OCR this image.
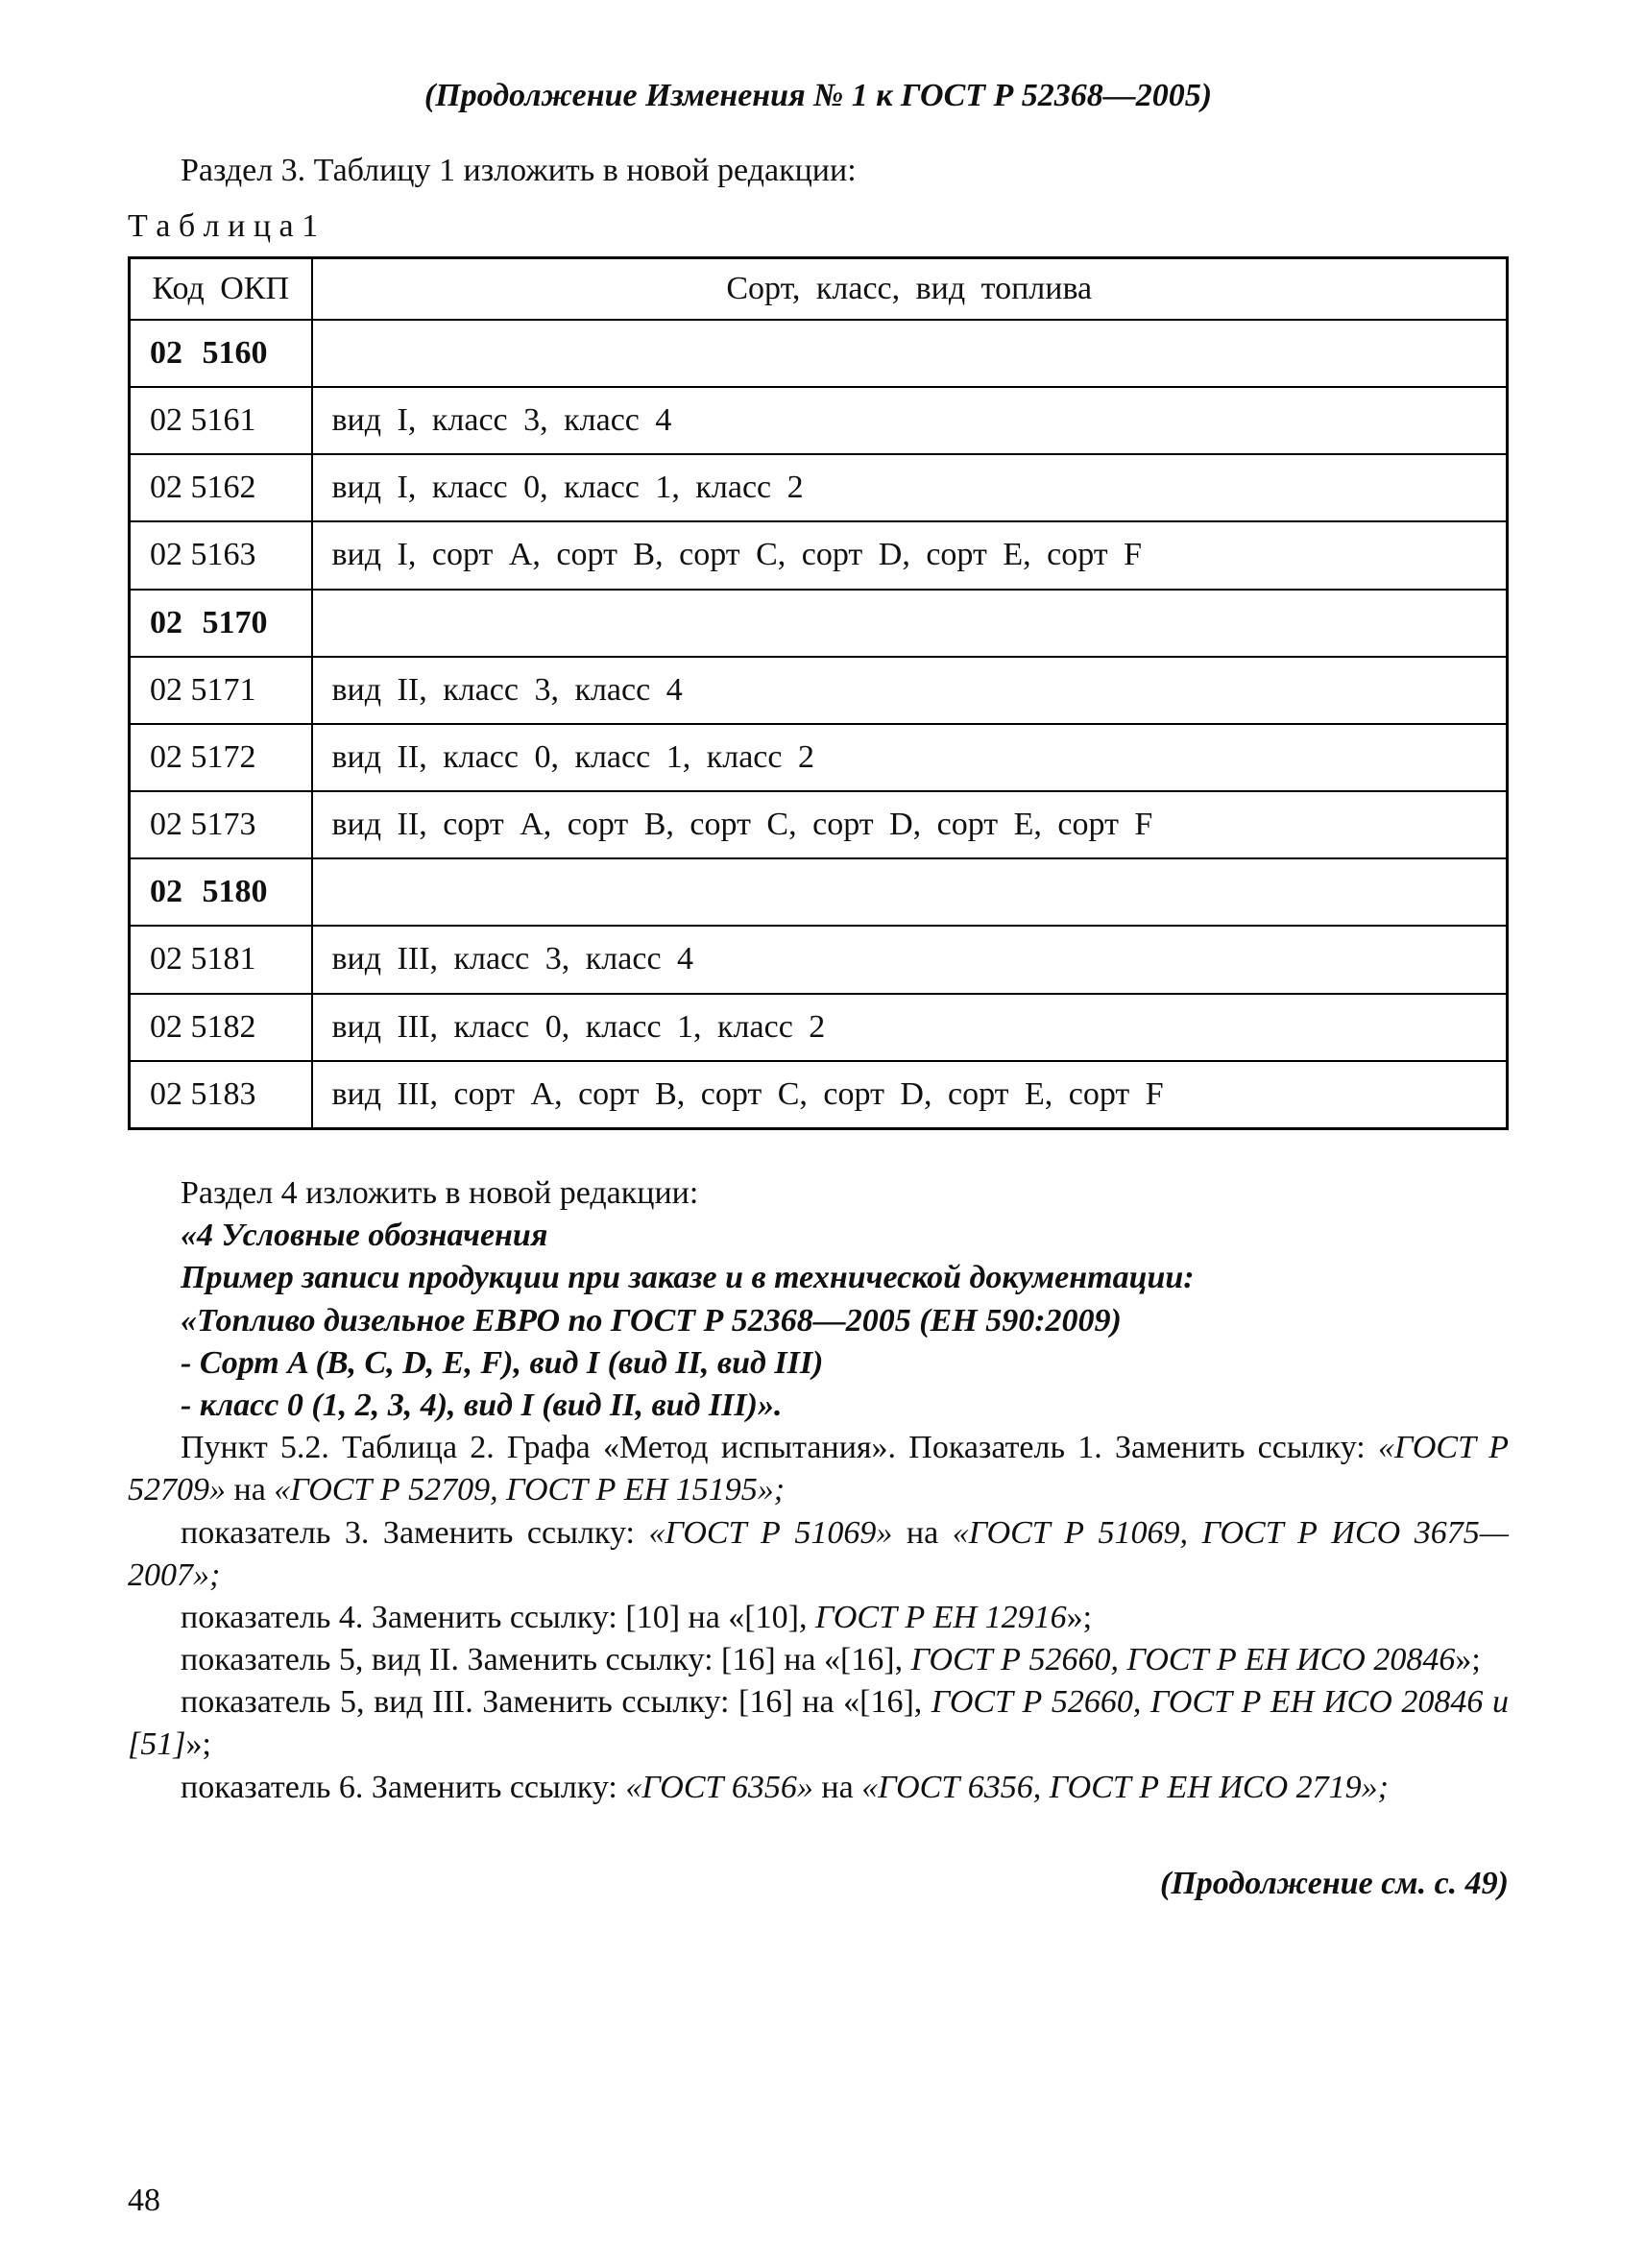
(Продолжение Изменения № 1 к ГОСТ Р 52368—2005)

Раздел 3. Таблицу 1 изложить в новой редакции:

Т а б л и ц а 1
Код ОКП	Сорт, класс, вид топлива
02 5160	
02 5161	вид I, класс 3, класс 4
02 5162	вид I, класс 0, класс 1, класс 2
02 5163	вид I, сорт A, сорт B, сорт C, сорт D, сорт E, сорт F
02 5170	
02 5171	вид II, класс 3, класс 4
02 5172	вид II, класс 0, класс 1, класс 2
02 5173	вид II, сорт A, сорт B, сорт C, сорт D, сорт E, сорт F
02 5180	
02 5181	вид III, класс 3, класс 4
02 5182	вид III, класс 0, класс 1, класс 2
02 5183	вид III, сорт A, сорт B, сорт C, сорт D, сорт E, сорт F

Раздел 4 изложить в новой редакции:

«4 Условные обозначения

Пример записи продукции при заказе и в технической документации:

«Топливо дизельное ЕВРО по ГОСТ Р 52368—2005 (ЕН 590:2009)

- Сорт A (B, C, D, E, F), вид I (вид II, вид III)

- класс 0 (1, 2, 3, 4), вид I (вид II, вид III)».

Пункт 5.2. Таблица 2. Графа «Метод испытания». Показатель 1. Заменить ссылку: «ГОСТ Р 52709» на «ГОСТ Р 52709, ГОСТ Р ЕН 15195»;

показатель 3. Заменить ссылку: «ГОСТ Р 51069» на «ГОСТ Р 51069, ГОСТ Р ИСО 3675—2007»;

показатель 4. Заменить ссылку: [10] на «[10], ГОСТ Р ЕН 12916»;

показатель 5, вид II. Заменить ссылку: [16] на «[16], ГОСТ Р 52660, ГОСТ Р ЕН ИСО 20846»;

показатель 5, вид III. Заменить ссылку: [16] на «[16], ГОСТ Р 52660, ГОСТ Р ЕН ИСО 20846 и [51]»;

показатель 6. Заменить ссылку: «ГОСТ 6356» на «ГОСТ 6356, ГОСТ Р ЕН ИСО 2719»;

(Продолжение см. с. 49)
48
